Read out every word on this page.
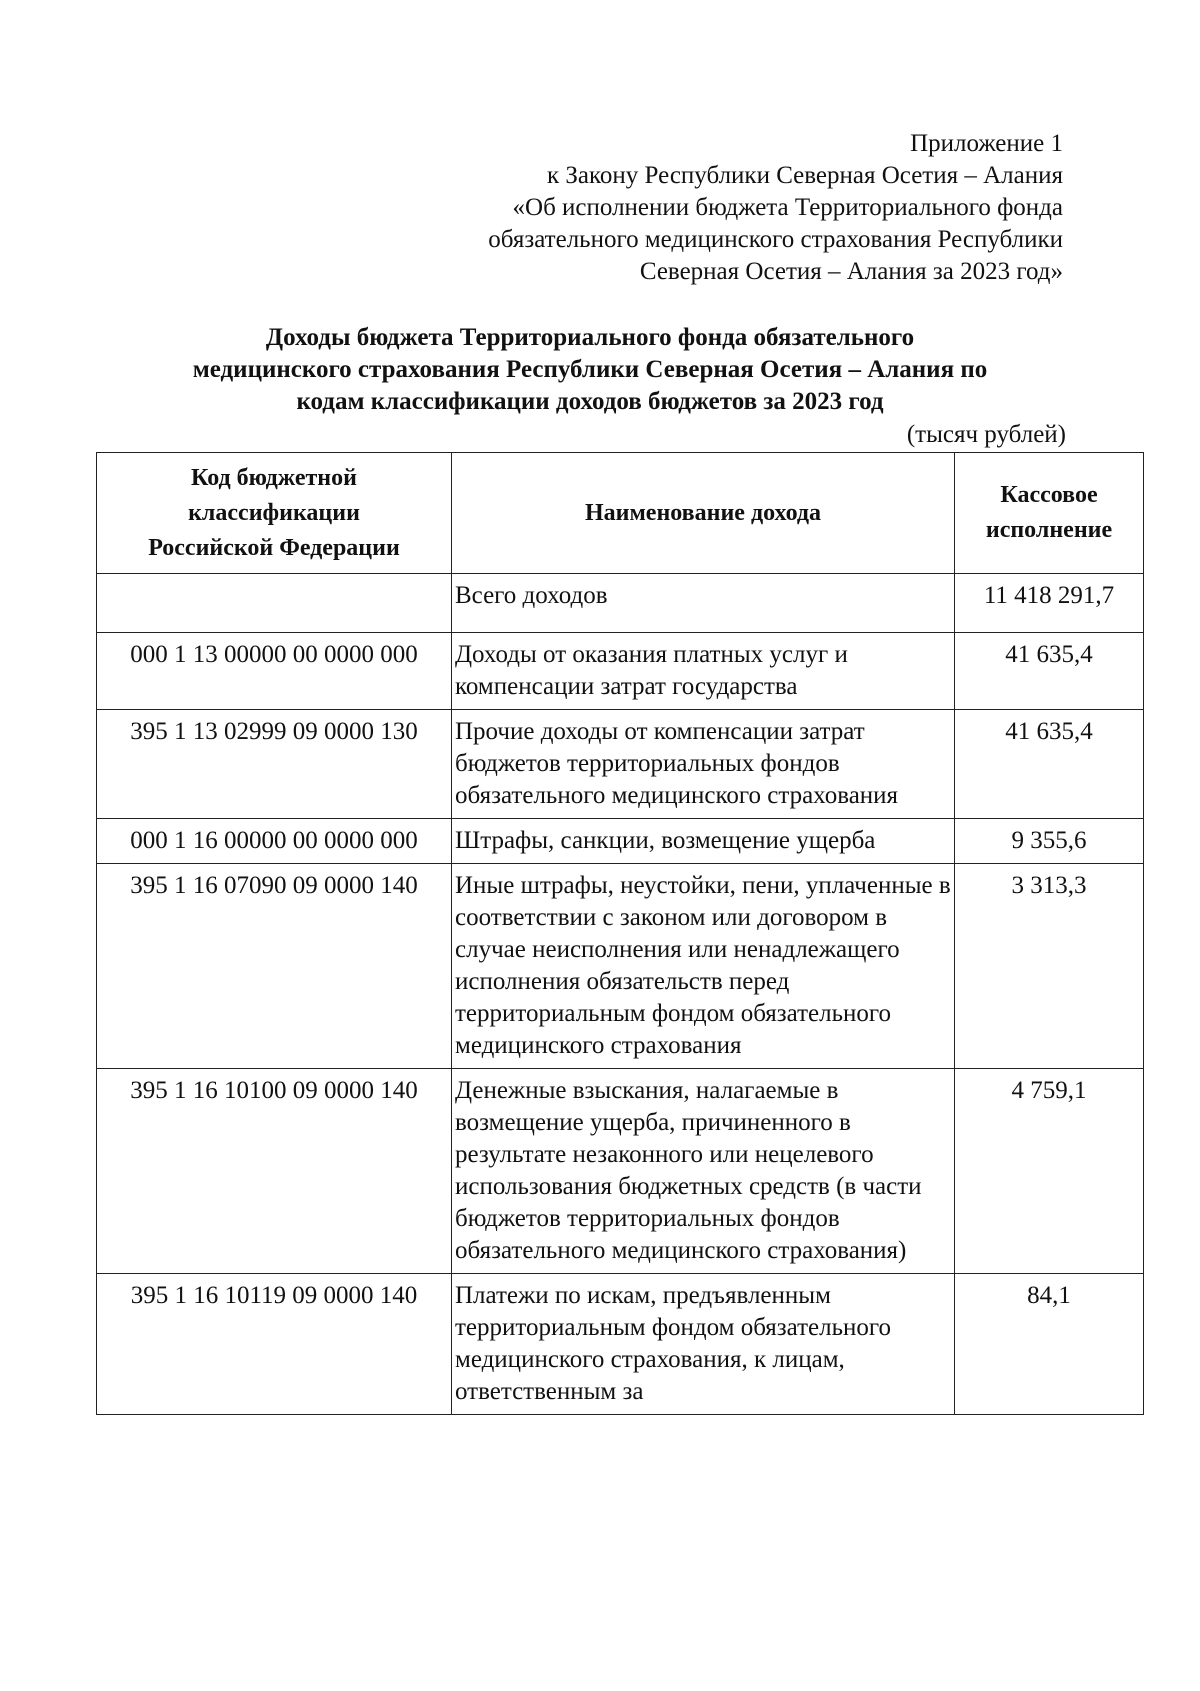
Приложение 1
к Закону Республики Северная Осетия – Алания
«Об исполнении бюджета Территориального фонда
обязательного медицинского страхования Республики
Северная Осетия – Алания за 2023 год»
Доходы бюджета Территориального фонда обязательного
медицинского страхования Республики Северная Осетия – Алания по
кодам классификации доходов бюджетов за 2023 год
(тысяч рублей)
Код бюджетной классификации Российской Федерации	Наименование дохода	Кассовое исполнение

	Всего доходов	11 418 291,7
000 1 13 00000 00 0000 000	Доходы от оказания платных услуг и компенсации затрат государства	41 635,4
395 1 13 02999 09 0000 130	Прочие доходы от компенсации затрат бюджетов территориальных фондов обязательного медицинского страхования	41 635,4
000 1 16 00000 00 0000 000	Штрафы, санкции, возмещение ущерба	9 355,6
395 1 16 07090 09 0000 140	Иные штрафы, неустойки, пени, уплаченные в соответствии с законом или договором в случае неисполнения или ненадлежащего исполнения обязательств перед территориальным фондом обязательного медицинского страхования	3 313,3
395 1 16 10100 09 0000 140	Денежные взыскания, налагаемые в возмещение ущерба, причиненного в результате незаконного или нецелевого использования бюджетных средств (в части бюджетов территориальных фондов обязательного медицинского страхования)	4 759,1
395 1 16 10119 09 0000 140	Платежи по искам, предъявленным территориальным фондом обязательного медицинского страхования, к лицам, ответственным за	84,1
